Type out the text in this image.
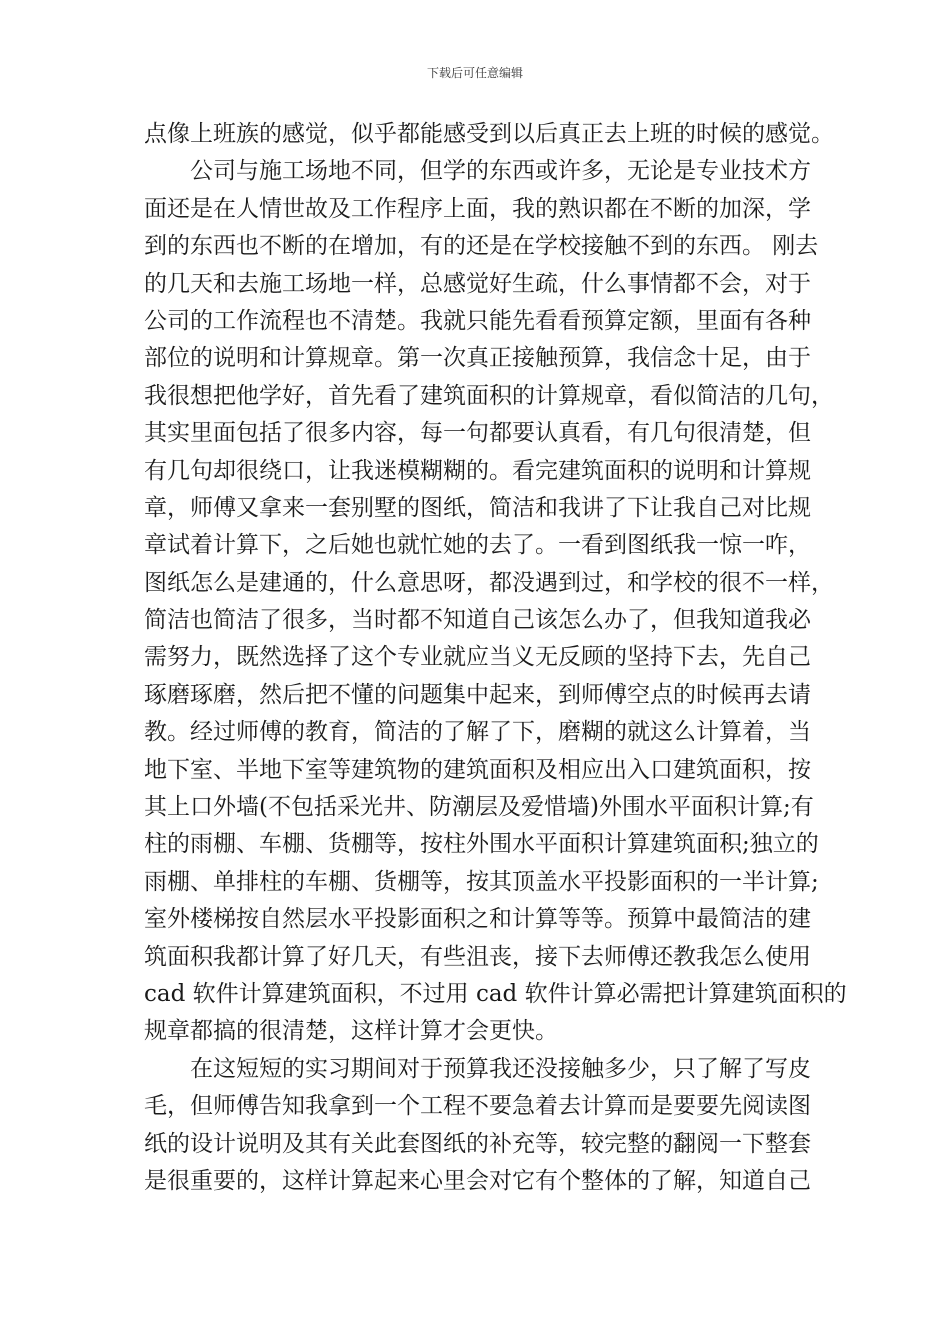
下载后可任意编辑
点像上班族的感觉，似乎都能感受到以后真正去上班的时候的感觉。
公司与施工场地不同，但学的东西或许多，无论是专业技术方
面还是在人情世故及工作程序上面，我的熟识都在不断的加深，学
到的东西也不断的在增加，有的还是在学校接触不到的东西。 刚去
的几天和去施工场地一样，总感觉好生疏，什么事情都不会，对于
公司的工作流程也不清楚。我就只能先看看预算定额，里面有各种
部位的说明和计算规章。第一次真正接触预算，我信念十足，由于
我很想把他学好，首先看了建筑面积的计算规章，看似简洁的几句，
其实里面包括了很多内容，每一句都要认真看，有几句很清楚，但
有几句却很绕口，让我迷模糊糊的。看完建筑面积的说明和计算规
章，师傅又拿来一套别墅的图纸，简洁和我讲了下让我自己对比规
章试着计算下，之后她也就忙她的去了。一看到图纸我一惊一咋，
图纸怎么是建通的，什么意思呀，都没遇到过，和学校的很不一样，
简洁也简洁了很多，当时都不知道自己该怎么办了，但我知道我必
需努力，既然选择了这个专业就应当义无反顾的坚持下去，先自己
琢磨琢磨，然后把不懂的问题集中起来，到师傅空点的时候再去请
教。经过师傅的教育，简洁的了解了下，磨糊的就这么计算着，当
地下室、半地下室等建筑物的建筑面积及相应出入口建筑面积，按
其上口外墙(不包括采光井、防潮层及爱惜墙)外围水平面积计算;有
柱的雨棚、车棚、货棚等，按柱外围水平面积计算建筑面积;独立的
雨棚、单排柱的车棚、货棚等，按其顶盖水平投影面积的一半计算;
室外楼梯按自然层水平投影面积之和计算等等。预算中最简洁的建
筑面积我都计算了好几天，有些沮丧，接下去师傅还教我怎么使用
cad 软件计算建筑面积，不过用 cad 软件计算必需把计算建筑面积的
规章都搞的很清楚，这样计算才会更快。
在这短短的实习期间对于预算我还没接触多少，只了解了写皮
毛，但师傅告知我拿到一个工程不要急着去计算而是要要先阅读图
纸的设计说明及其有关此套图纸的补充等，较完整的翻阅一下整套
是很重要的，这样计算起来心里会对它有个整体的了解，知道自己
